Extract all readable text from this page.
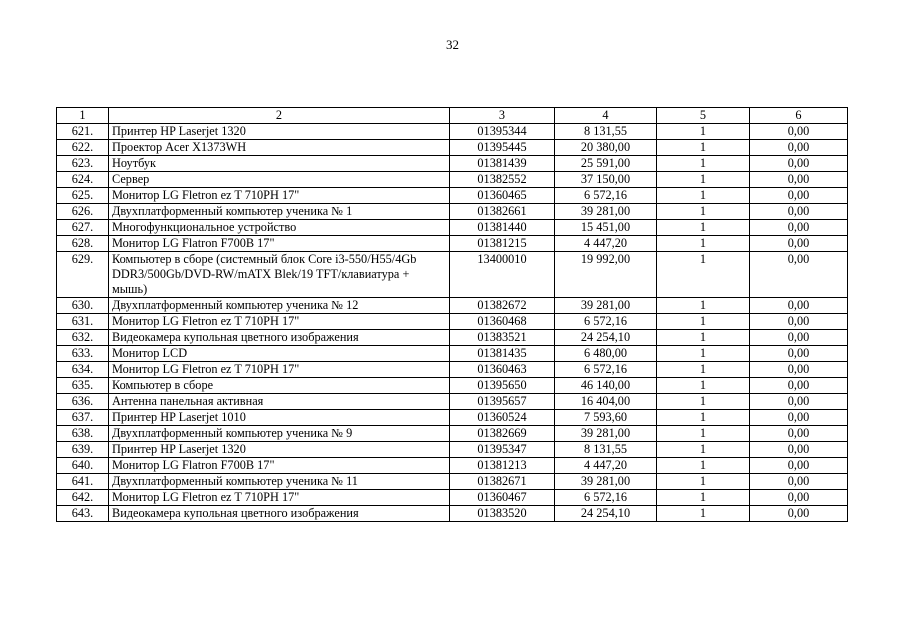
32
1	2	3	4	5	6
621.	Принтер HP Laserjet 1320	01395344	8 131,55	1	0,00
622.	Проектор Acer X1373WH	01395445	20 380,00	1	0,00
623.	Ноутбук	01381439	25 591,00	1	0,00
624.	Сервер	01382552	37 150,00	1	0,00
625.	Монитор LG Fletron ez T 710PH 17"	01360465	6 572,16	1	0,00
626.	Двухплатформенный компьютер ученика № 1	01382661	39 281,00	1	0,00
627.	Многофункциональное устройство	01381440	15 451,00	1	0,00
628.	Монитор LG Flatron F700B 17"	01381215	4 447,20	1	0,00
629.	Компьютер в сборе (системный блок Core i3-550/H55/4Gb DDR3/500Gb/DVD-RW/mATX Blek/19 TFT/клавиатура + мышь)	13400010	19 992,00	1	0,00
630.	Двухплатформенный компьютер ученика № 12	01382672	39 281,00	1	0,00
631.	Монитор LG Fletron ez T 710PH 17"	01360468	6 572,16	1	0,00
632.	Видеокамера купольная цветного изображения	01383521	24 254,10	1	0,00
633.	Монитор LCD	01381435	6 480,00	1	0,00
634.	Монитор LG Fletron ez T 710PH 17"	01360463	6 572,16	1	0,00
635.	Компьютер в сборе	01395650	46 140,00	1	0,00
636.	Антенна панельная активная	01395657	16 404,00	1	0,00
637.	Принтер HP Laserjet 1010	01360524	7 593,60	1	0,00
638.	Двухплатформенный компьютер ученика № 9	01382669	39 281,00	1	0,00
639.	Принтер HP Laserjet 1320	01395347	8 131,55	1	0,00
640.	Монитор LG Flatron F700B 17"	01381213	4 447,20	1	0,00
641.	Двухплатформенный компьютер ученика № 11	01382671	39 281,00	1	0,00
642.	Монитор LG Fletron ez T 710PH 17"	01360467	6 572,16	1	0,00
643.	Видеокамера купольная цветного изображения	01383520	24 254,10	1	0,00
